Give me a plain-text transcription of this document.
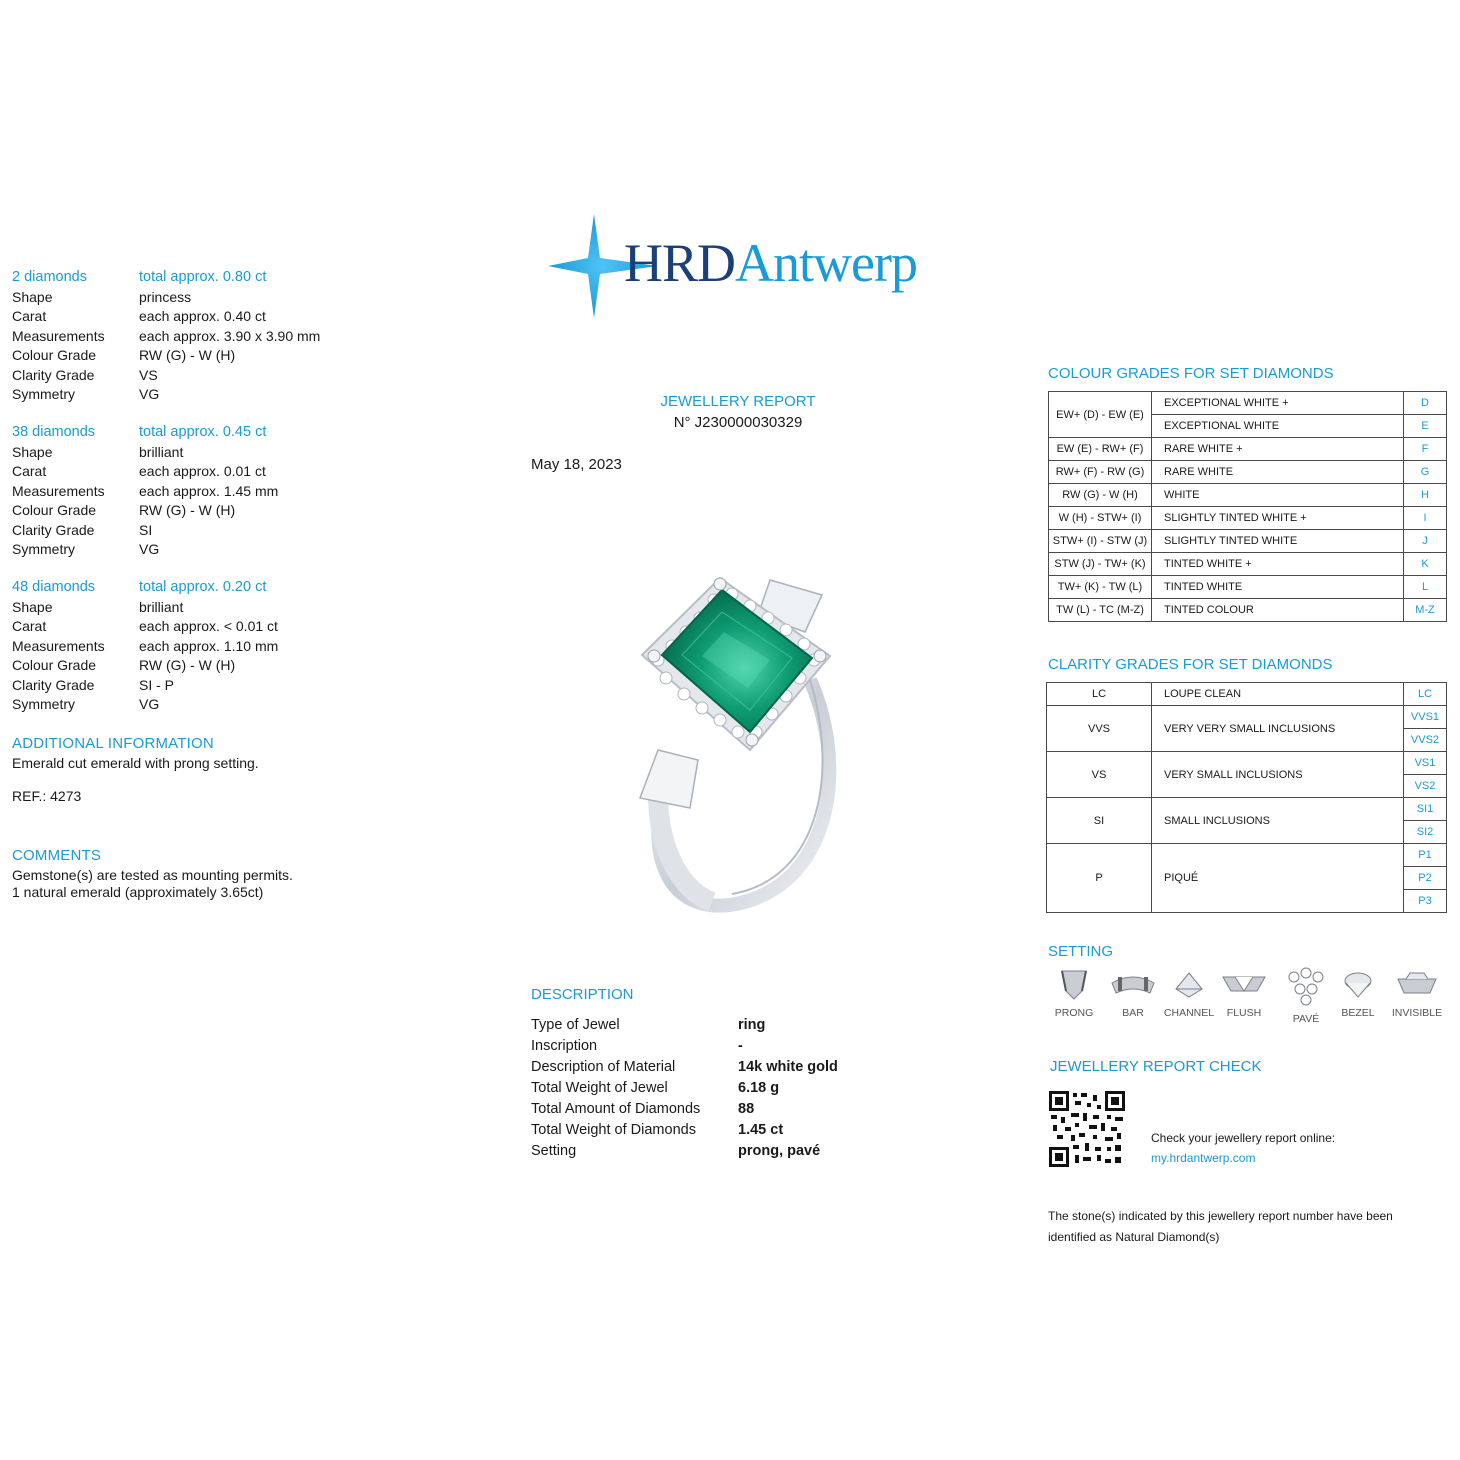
2 diamonds	total approx. 0.80 ct
Shape	princess
Carat	each approx. 0.40 ct
Measurements	each approx. 3.90 x 3.90 mm
Colour Grade	RW (G) - W (H)
Clarity Grade	VS
Symmetry	VG
38 diamonds	total approx. 0.45 ct
Shape	brilliant
Carat	each approx. 0.01 ct
Measurements	each approx. 1.45 mm
Colour Grade	RW (G) - W (H)
Clarity Grade	SI
Symmetry	VG
48 diamonds	total approx. 0.20 ct
Shape	brilliant
Carat	each approx. < 0.01 ct
Measurements	each approx. 1.10 mm
Colour Grade	RW (G) - W (H)
Clarity Grade	SI - P
Symmetry	VG
ADDITIONAL INFORMATION
Emerald cut emerald with prong setting.
REF.: 4273
COMMENTS
Gemstone(s) are tested as mounting permits.
1 natural emerald (approximately 3.65ct)
HRDAntwerp
JEWELLERY REPORT
N° J230000030329
May 18, 2023
DESCRIPTION
Type of Jewel	ring
Inscription	-
Description of Material	14k white gold
Total Weight of Jewel	6.18 g
Total Amount of Diamonds	88
Total Weight of Diamonds	1.45 ct
Setting	prong, pavé
COLOUR GRADES FOR SET DIAMONDS
EW+ (D) - EW (E)	EXCEPTIONAL WHITE +	D
	EXCEPTIONAL WHITE	E
EW (E) - RW+ (F)	RARE WHITE +	F
RW+ (F) - RW (G)	RARE WHITE	G
RW (G) - W (H)	WHITE	H
W (H) - STW+ (I)	SLIGHTLY TINTED WHITE +	I
STW+ (I) - STW (J)	SLIGHTLY TINTED WHITE	J
STW (J) - TW+ (K)	TINTED WHITE +	K
TW+ (K) - TW (L)	TINTED WHITE	L
TW (L) - TC (M-Z)	TINTED COLOUR	M-Z
CLARITY GRADES FOR SET DIAMONDS
LC	LOUPE CLEAN	LC
VVS	VERY VERY SMALL INCLUSIONS	VVS1
		VVS2
VS	VERY SMALL INCLUSIONS	VS1
		VS2
SI	SMALL INCLUSIONS	SI1
		SI2
P	PIQUÉ	P1
		P2
		P3
SETTING
PRONG	BAR	CHANNEL	FLUSH	PAVÉ	BEZEL	INVISIBLE
JEWELLERY REPORT CHECK
Check your jewellery report online:
my.hrdantwerp.com
The stone(s) indicated by this jewellery report number have been
identified as Natural Diamond(s)
